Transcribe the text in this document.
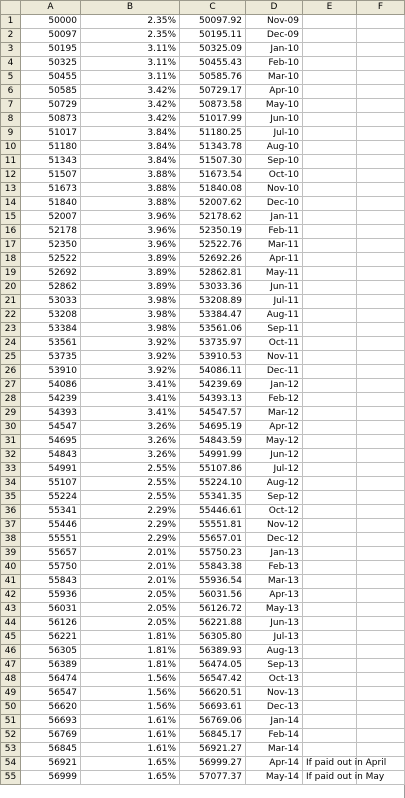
	A	B	C	D	E	F
1	50000	2.35%	50097.92	Nov-09		
2	50097	2.35%	50195.11	Dec-09		
3	50195	3.11%	50325.09	Jan-10		
4	50325	3.11%	50455.43	Feb-10		
5	50455	3.11%	50585.76	Mar-10		
6	50585	3.42%	50729.17	Apr-10		
7	50729	3.42%	50873.58	May-10		
8	50873	3.42%	51017.99	Jun-10		
9	51017	3.84%	51180.25	Jul-10		
10	51180	3.84%	51343.78	Aug-10		
11	51343	3.84%	51507.30	Sep-10		
12	51507	3.88%	51673.54	Oct-10		
13	51673	3.88%	51840.08	Nov-10		
14	51840	3.88%	52007.62	Dec-10		
15	52007	3.96%	52178.62	Jan-11		
16	52178	3.96%	52350.19	Feb-11		
17	52350	3.96%	52522.76	Mar-11		
18	52522	3.89%	52692.26	Apr-11		
19	52692	3.89%	52862.81	May-11		
20	52862	3.89%	53033.36	Jun-11		
21	53033	3.98%	53208.89	Jul-11		
22	53208	3.98%	53384.47	Aug-11		
23	53384	3.98%	53561.06	Sep-11		
24	53561	3.92%	53735.97	Oct-11		
25	53735	3.92%	53910.53	Nov-11		
26	53910	3.92%	54086.11	Dec-11		
27	54086	3.41%	54239.69	Jan-12		
28	54239	3.41%	54393.13	Feb-12		
29	54393	3.41%	54547.57	Mar-12		
30	54547	3.26%	54695.19	Apr-12		
31	54695	3.26%	54843.59	May-12		
32	54843	3.26%	54991.99	Jun-12		
33	54991	2.55%	55107.86	Jul-12		
34	55107	2.55%	55224.10	Aug-12		
35	55224	2.55%	55341.35	Sep-12		
36	55341	2.29%	55446.61	Oct-12		
37	55446	2.29%	55551.81	Nov-12		
38	55551	2.29%	55657.01	Dec-12		
39	55657	2.01%	55750.23	Jan-13		
40	55750	2.01%	55843.38	Feb-13		
41	55843	2.01%	55936.54	Mar-13		
42	55936	2.05%	56031.56	Apr-13		
43	56031	2.05%	56126.72	May-13		
44	56126	2.05%	56221.88	Jun-13		
45	56221	1.81%	56305.80	Jul-13		
46	56305	1.81%	56389.93	Aug-13		
47	56389	1.81%	56474.05	Sep-13		
48	56474	1.56%	56547.42	Oct-13		
49	56547	1.56%	56620.51	Nov-13		
50	56620	1.56%	56693.61	Dec-13		
51	56693	1.61%	56769.06	Jan-14		
52	56769	1.61%	56845.17	Feb-14		
53	56845	1.61%	56921.27	Mar-14		
54	56921	1.65%	56999.27	Apr-14	If paid out in April	
55	56999	1.65%	57077.37	May-14	If paid out in May	
